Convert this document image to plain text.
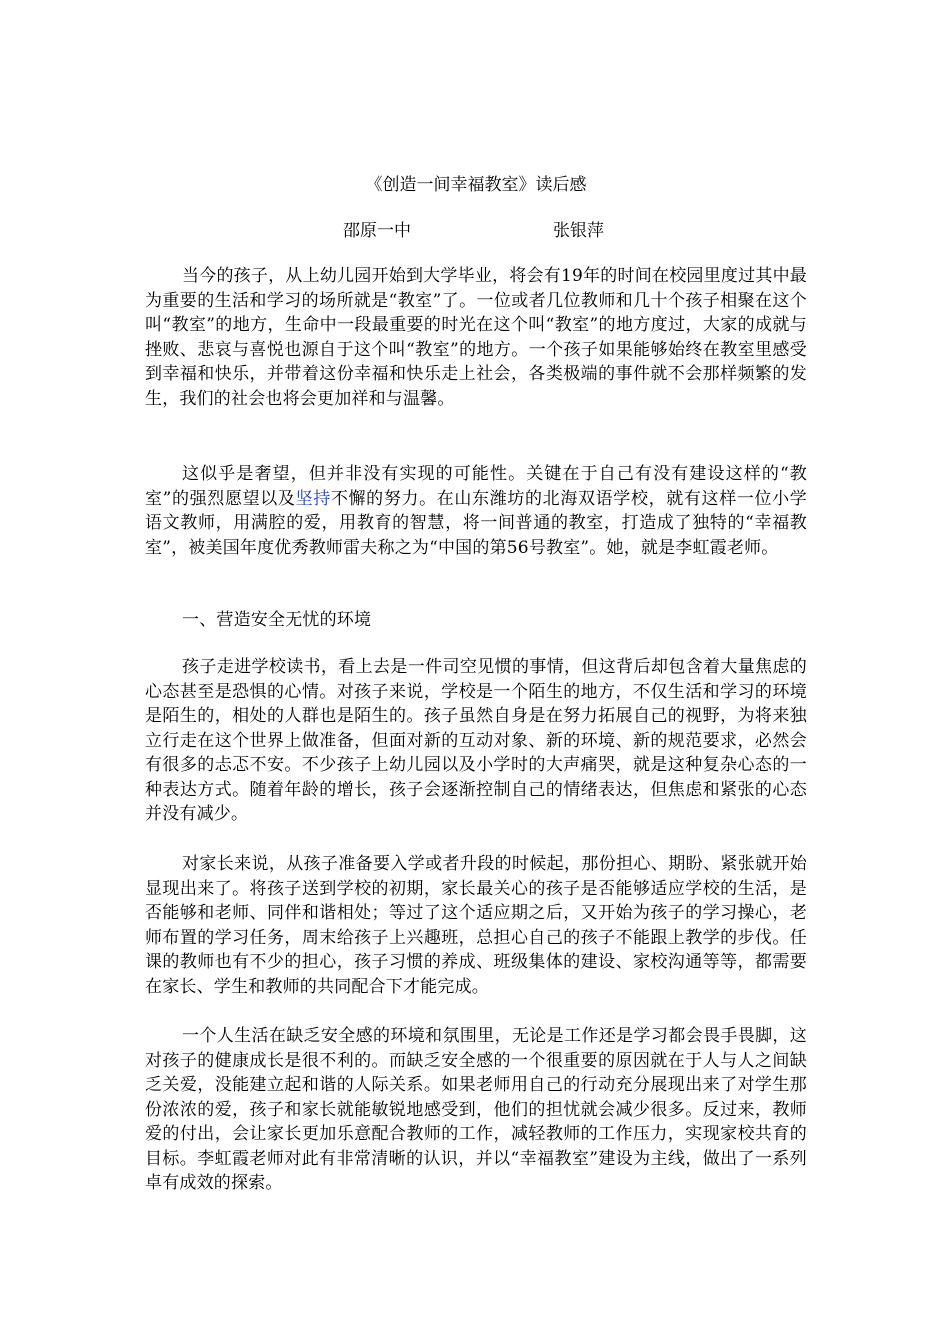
《创造一间幸福教室》读后感
邵原一中	张银萍

当今的孩子，从上幼儿园开始到大学毕业，将会有19年的时间在校园里度过其中最为重要的生活和学习的场所就是“教室”了。一位或者几位教师和几十个孩子相聚在这个叫“教室”的地方，生命中一段最重要的时光在这个叫“教室”的地方度过，大家的成就与挫败、悲哀与喜悦也源自于这个叫“教室”的地方。一个孩子如果能够始终在教室里感受到幸福和快乐，并带着这份幸福和快乐走上社会，各类极端的事件就不会那样频繁的发生，我们的社会也将会更加祥和与温馨。

这似乎是奢望，但并非没有实现的可能性。关键在于自己有没有建设这样的“教室”的强烈愿望以及坚持不懈的努力。在山东潍坊的北海双语学校，就有这样一位小学语文教师，用满腔的爱，用教育的智慧，将一间普通的教室，打造成了独特的“幸福教室”，被美国年度优秀教师雷夫称之为“中国的第56号教室”。她，就是李虹霞老师。

一、营造安全无忧的环境

孩子走进学校读书，看上去是一件司空见惯的事情，但这背后却包含着大量焦虑的心态甚至是恐惧的心情。对孩子来说，学校是一个陌生的地方，不仅生活和学习的环境是陌生的，相处的人群也是陌生的。孩子虽然自身是在努力拓展自己的视野，为将来独立行走在这个世界上做准备，但面对新的互动对象、新的环境、新的规范要求，必然会有很多的忐忑不安。不少孩子上幼儿园以及小学时的大声痛哭，就是这种复杂心态的一种表达方式。随着年龄的增长，孩子会逐渐控制自己的情绪表达，但焦虑和紧张的心态并没有减少。

对家长来说，从孩子准备要入学或者升段的时候起，那份担心、期盼、紧张就开始显现出来了。将孩子送到学校的初期，家长最关心的孩子是否能够适应学校的生活，是否能够和老师、同伴和谐相处；等过了这个适应期之后，又开始为孩子的学习操心，老师布置的学习任务，周末给孩子上兴趣班，总担心自己的孩子不能跟上教学的步伐。任课的教师也有不少的担心，孩子习惯的养成、班级集体的建设、家校沟通等等，都需要在家长、学生和教师的共同配合下才能完成。

一个人生活在缺乏安全感的环境和氛围里，无论是工作还是学习都会畏手畏脚，这对孩子的健康成长是很不利的。而缺乏安全感的一个很重要的原因就在于人与人之间缺乏关爱，没能建立起和谐的人际关系。如果老师用自己的行动充分展现出来了对学生那份浓浓的爱，孩子和家长就能敏锐地感受到，他们的担忧就会减少很多。反过来，教师爱的付出，会让家长更加乐意配合教师的工作，减轻教师的工作压力，实现家校共育的目标。李虹霞老师对此有非常清晰的认识，并以“幸福教室”建设为主线，做出了一系列卓有成效的探索。
